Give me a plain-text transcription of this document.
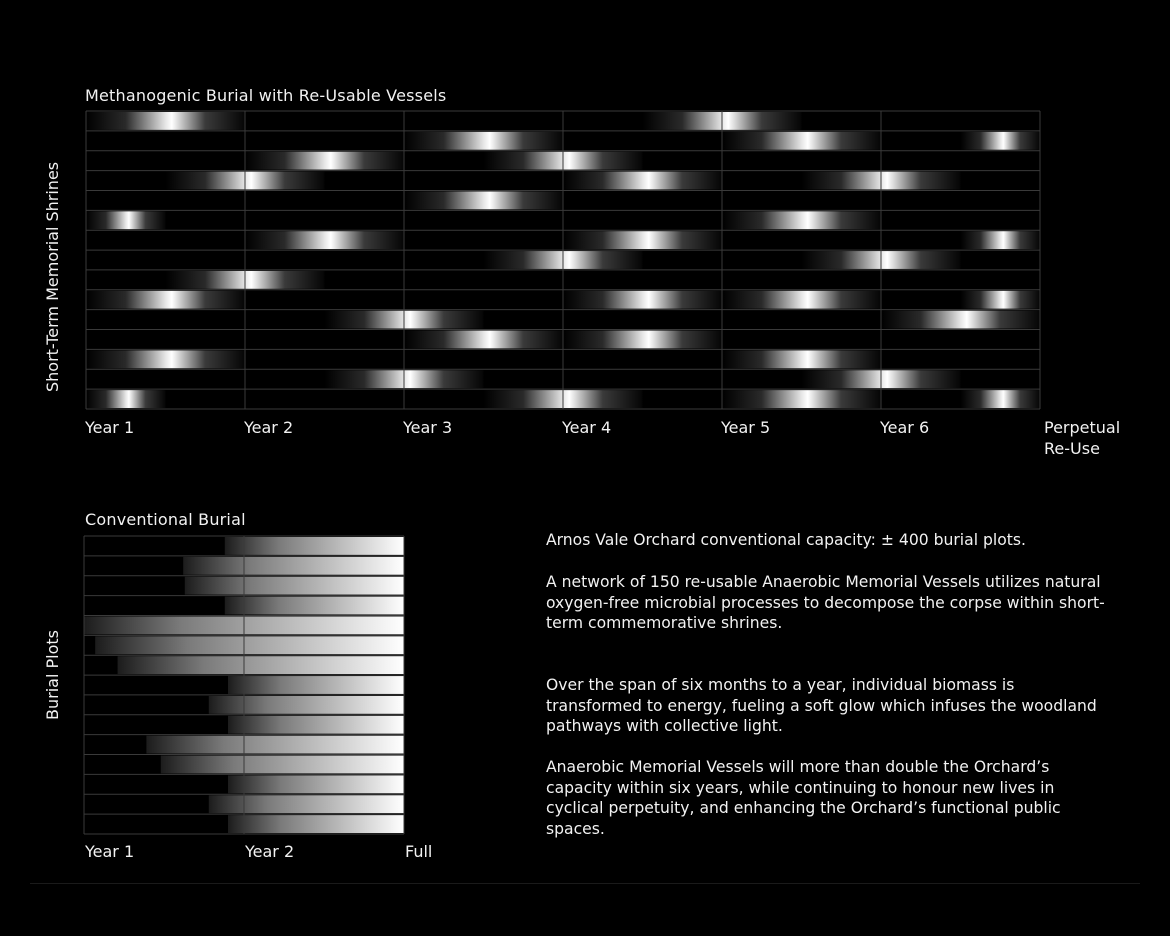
Methanogenic Burial with Re-Usable Vessels
Short-Term Memorial Shrines
Year 1	Year 2	Year 3	Year 4	Year 5	Year 6	Perpetual
Re-Use
Conventional Burial
Burial Plots
Year 1	Year 2	Full

Arnos Vale Orchard conventional capacity: ± 400 burial plots.

A network of 150 re-usable Anaerobic Memorial Vessels utilizes natural oxygen-free microbial processes to decompose the corpse within short-term commemorative shrines.

Over the span of six months to a year, individual biomass is transformed to energy, fueling a soft glow which infuses the woodland pathways with collective light.

Anaerobic Memorial Vessels will more than double the Orchard’s capacity within six years, while continuing to honour new lives in cyclical perpetuity, and enhancing the Orchard’s functional public spaces.
